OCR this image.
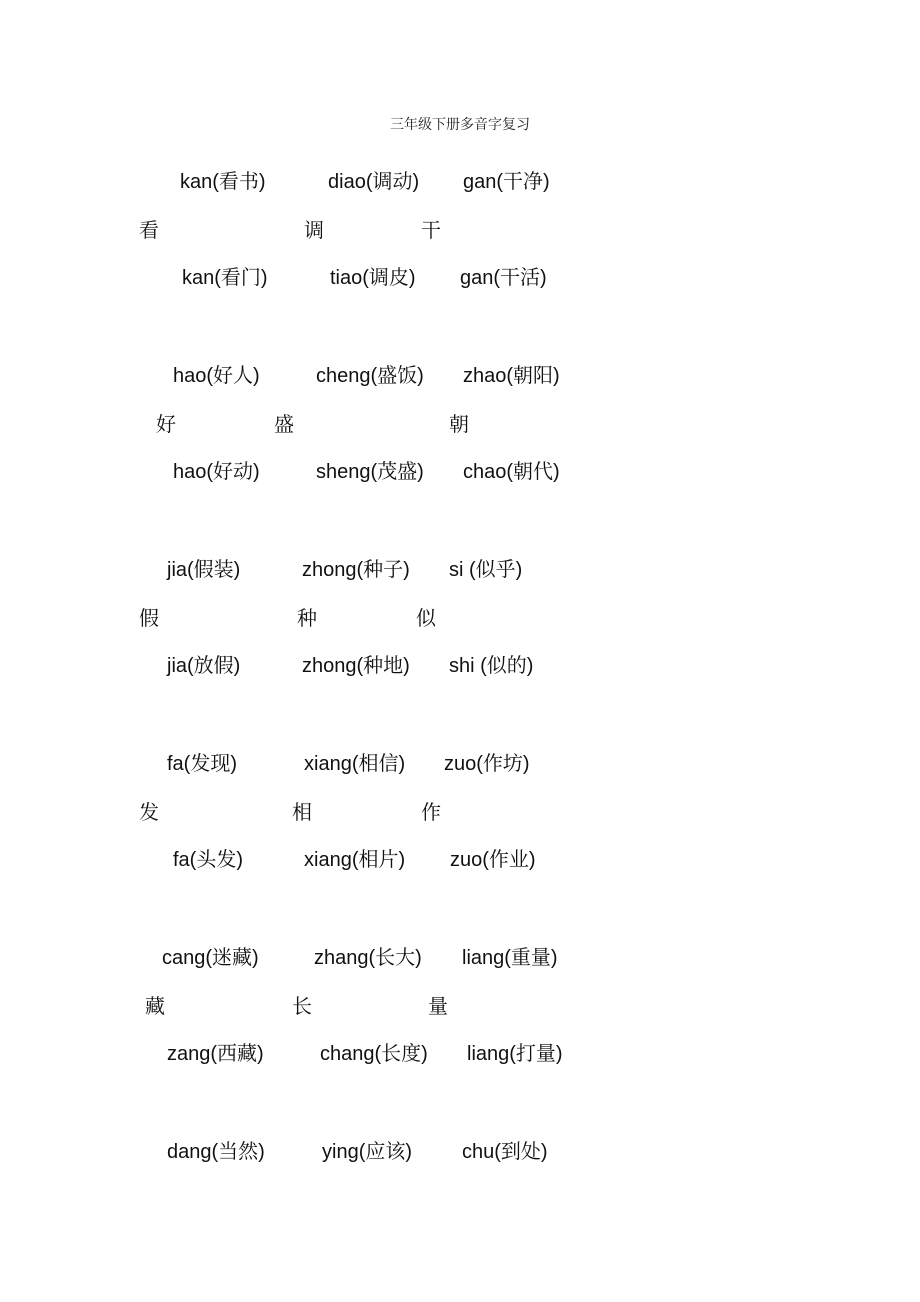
三年级下册多音字复习
kan(看书)	diao(调动) gan(干净)
看	调	干
kan(看门)	tiao(调皮) gan(干活)
hao(好人)	cheng(盛饭) zhao(朝阳)
好	盛	朝
hao(好动)	sheng(茂盛) chao(朝代)
jia(假装)	zhong(种子) si (似乎)
假	种	似
jia(放假)	zhong(种地) shi (似的)
fa(发现)	xiang(相信) zuo(作坊)
发	相	作
fa(头发)	xiang(相片) zuo(作业)
cang(迷藏)	zhang(长大) liang(重量)
藏	长	量
zang(西藏)	chang(长度) liang(打量)
dang(当然)	ying(应该) chu(到处)
